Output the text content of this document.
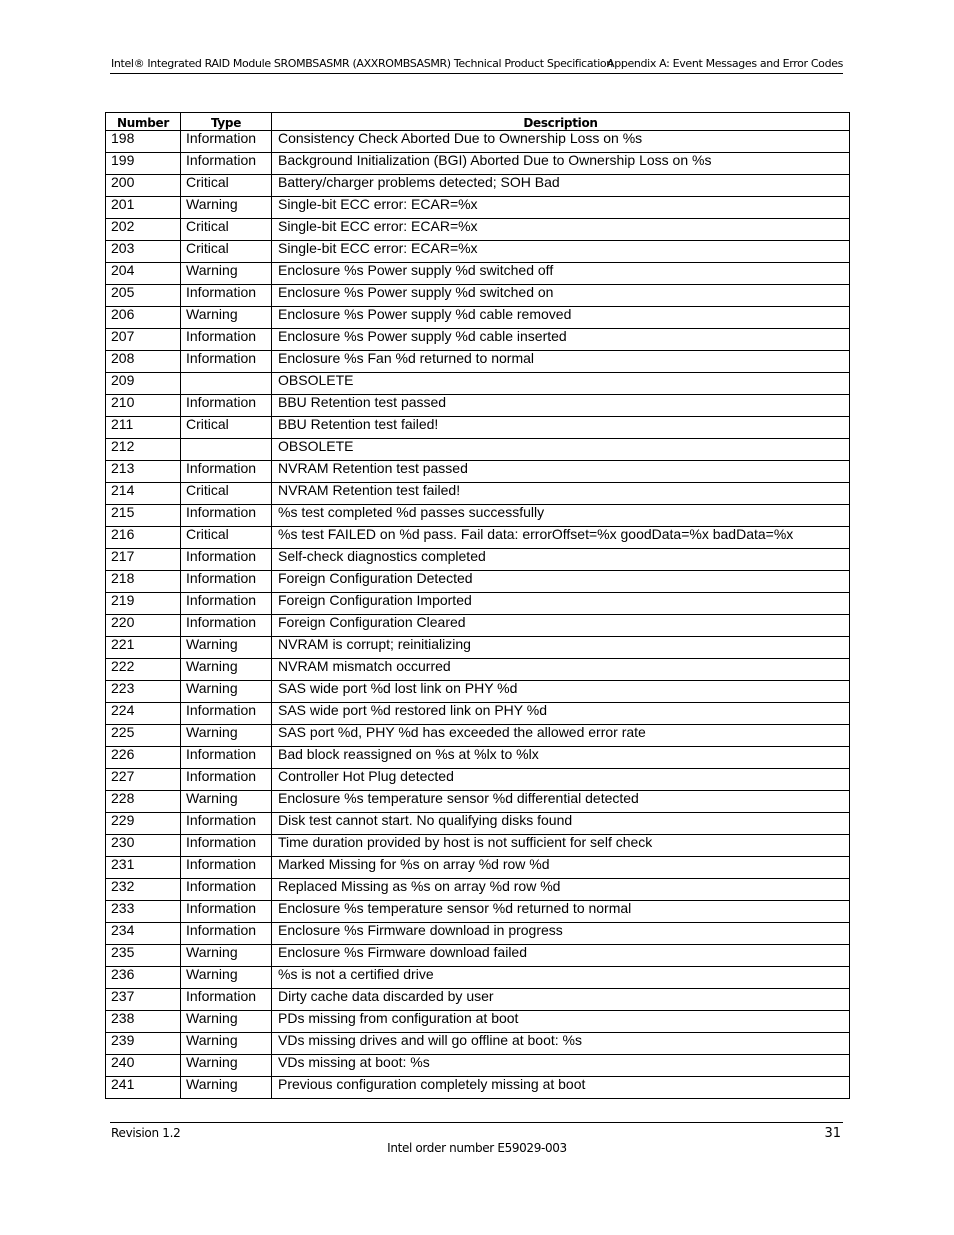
Intel® Integrated RAID Module SROMBSASMR (AXXROMBSASMR) Technical Product Specification
Appendix A: Event Messages and Error Codes
Number	Type	Description
198	Information	Consistency Check Aborted Due to Ownership Loss on %s
199	Information	Background Initialization (BGI) Aborted Due to Ownership Loss on %s
200	Critical	Battery/charger problems detected; SOH Bad
201	Warning	Single-bit ECC error: ECAR=%x
202	Critical	Single-bit ECC error: ECAR=%x
203	Critical	Single-bit ECC error: ECAR=%x
204	Warning	Enclosure %s Power supply %d switched off
205	Information	Enclosure %s Power supply %d switched on
206	Warning	Enclosure %s Power supply %d cable removed
207	Information	Enclosure %s Power supply %d cable inserted
208	Information	Enclosure %s Fan %d returned to normal
209		OBSOLETE
210	Information	BBU Retention test passed
211	Critical	BBU Retention test failed!
212		OBSOLETE
213	Information	NVRAM Retention test passed
214	Critical	NVRAM Retention test failed!
215	Information	%s test completed %d passes successfully
216	Critical	%s test FAILED on %d pass. Fail data: errorOffset=%x goodData=%x badData=%x
217	Information	Self-check diagnostics completed
218	Information	Foreign Configuration Detected
219	Information	Foreign Configuration Imported
220	Information	Foreign Configuration Cleared
221	Warning	NVRAM is corrupt; reinitializing
222	Warning	NVRAM mismatch occurred
223	Warning	SAS wide port %d lost link on PHY %d
224	Information	SAS wide port %d restored link on PHY %d
225	Warning	SAS port %d, PHY %d has exceeded the allowed error rate
226	Information	Bad block reassigned on %s at %lx to %lx
227	Information	Controller Hot Plug detected
228	Warning	Enclosure %s temperature sensor %d differential detected
229	Information	Disk test cannot start. No qualifying disks found
230	Information	Time duration provided by host is not sufficient for self check
231	Information	Marked Missing for %s on array %d row %d
232	Information	Replaced Missing as %s on array %d row %d
233	Information	Enclosure %s temperature sensor %d returned to normal
234	Information	Enclosure %s Firmware download in progress
235	Warning	Enclosure %s Firmware download failed
236	Warning	%s is not a certified drive
237	Information	Dirty cache data discarded by user
238	Warning	PDs missing from configuration at boot
239	Warning	VDs missing drives and will go offline at boot: %s
240	Warning	VDs missing at boot: %s
241	Warning	Previous configuration completely missing at boot
Revision 1.2	31
Intel order number E59029-003
